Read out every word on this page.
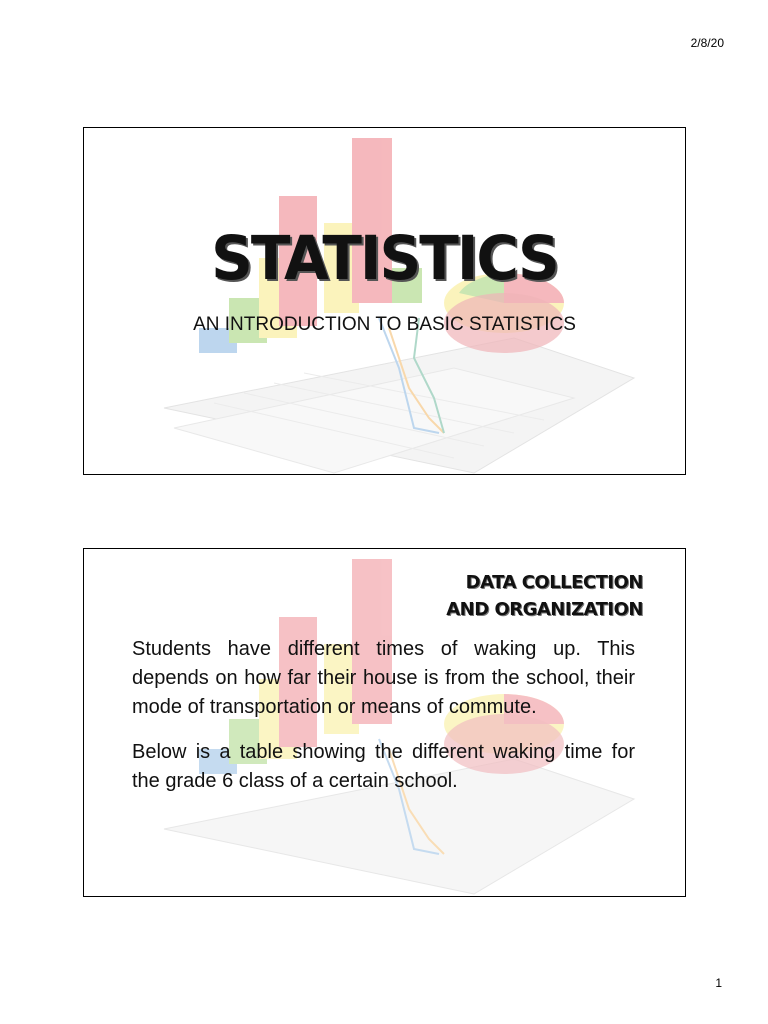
2/8/20
STATISTICS
AN INTRODUCTION TO BASIC STATISTICS
DATA COLLECTION
AND ORGANIZATION

Students have different times of waking up. This depends on how far their house is from the school, their mode of transportation or means of commute.

Below is a table showing the different waking time for the grade 6 class of a certain school.

1
